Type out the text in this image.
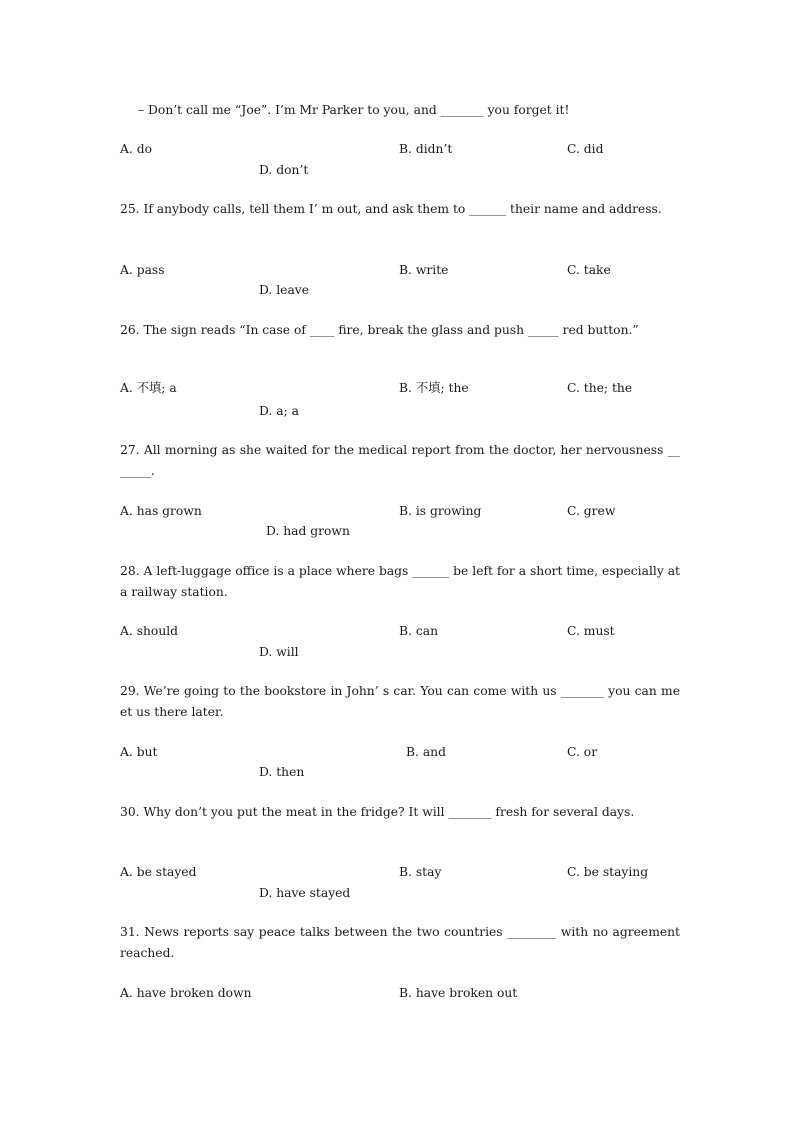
– Don’t call me “Joe”. I’m Mr Parker to you, and _______ you forget it!
A. do	B. didn’t	C. did
D. don’t
25. If anybody calls, tell them I’ m out, and ask them to ______ their name and address.
A. pass	B. write	C. take
D. leave
26. The sign reads “In case of ____ fire, break the glass and push _____ red button.”
A. 不填; a	B. 不填; the	C. the; the
D. a; a
27. All morning as she waited for the medical report from the doctor, her nervousness _______.
A. has grown	B. is growing	C. grew
D. had grown
28. A left-luggage office is a place where bags ______ be left for a short time, especially at a railway station.
A. should	B. can	C. must
D. will
29. We’re going to the bookstore in John’ s car. You can come with us _______ you can meet us there later.
A. but	B. and	C. or
D. then
30. Why don’t you put the meat in the fridge? It will _______ fresh for several days.
A. be stayed	B. stay	C. be staying
D. have stayed
31. News reports say peace talks between the two countries ________ with no agreement reached.
A. have broken down	B. have broken out
